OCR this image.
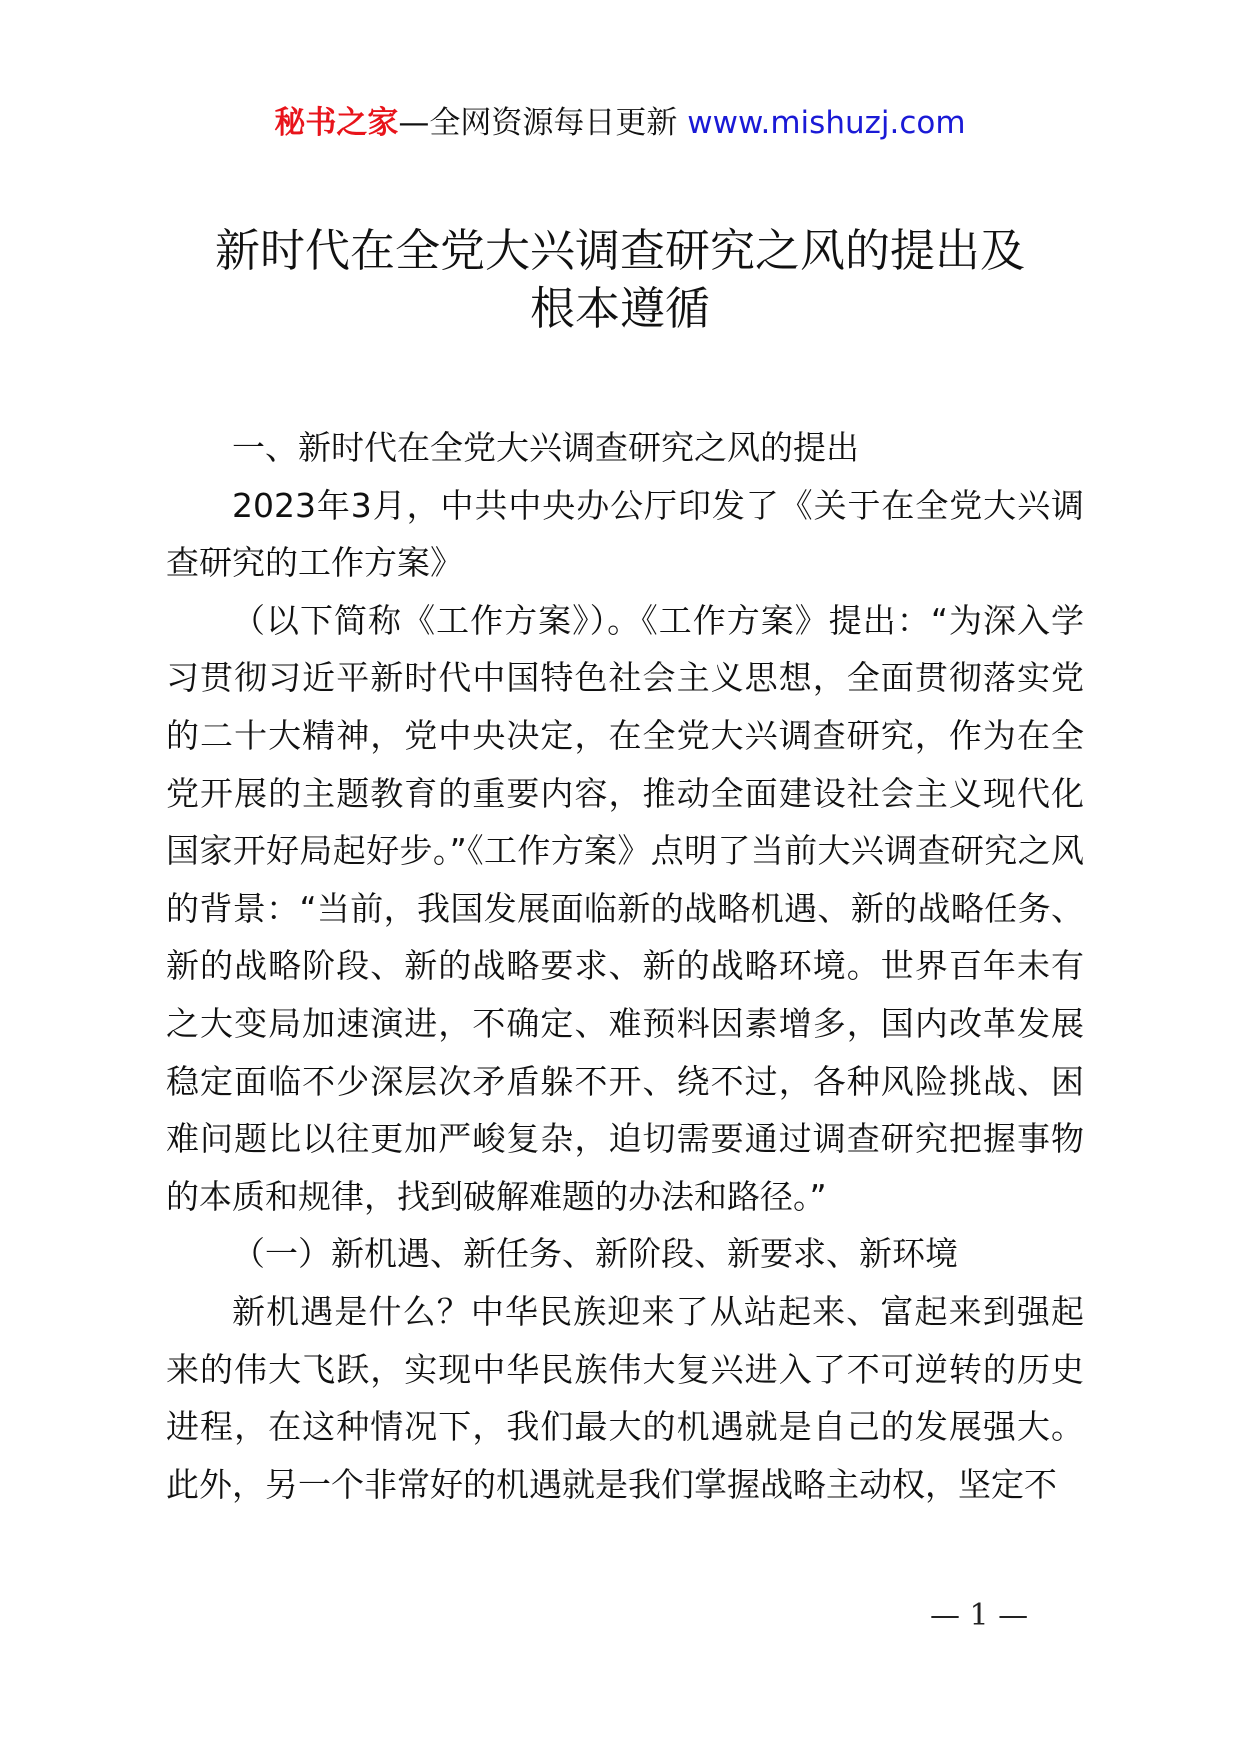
秘书之家—全网资源每日更新 www.mishuzj.com
新时代在全党大兴调查研究之风的提出及
根本遵循

一、新时代在全党大兴调查研究之风的提出

2023年3月，中共中央办公厅印发了《关于在全党大兴调查研究的工作方案》

（以下简称《工作方案》）。《工作方案》提出：“为深入学习贯彻习近平新时代中国特色社会主义思想，全面贯彻落实党的二十大精神，党中央决定，在全党大兴调查研究，作为在全党开展的主题教育的重要内容，推动全面建设社会主义现代化国家开好局起好步。”《工作方案》点明了当前大兴调查研究之风的背景：“当前，我国发展面临新的战略机遇、新的战略任务、新的战略阶段、新的战略要求、新的战略环境。世界百年未有之大变局加速演进，不确定、难预料因素增多，国内改革发展稳定面临不少深层次矛盾躲不开、绕不过，各种风险挑战、困难问题比以往更加严峻复杂，迫切需要通过调查研究把握事物的本质和规律，找到破解难题的办法和路径。”

（一）新机遇、新任务、新阶段、新要求、新环境

新机遇是什么？中华民族迎来了从站起来、富起来到强起来的伟大飞跃，实现中华民族伟大复兴进入了不可逆转的历史进程，在这种情况下，我们最大的机遇就是自己的发展强大。此外，另一个非常好的机遇就是我们掌握战略主动权，坚定不

— 1 —
